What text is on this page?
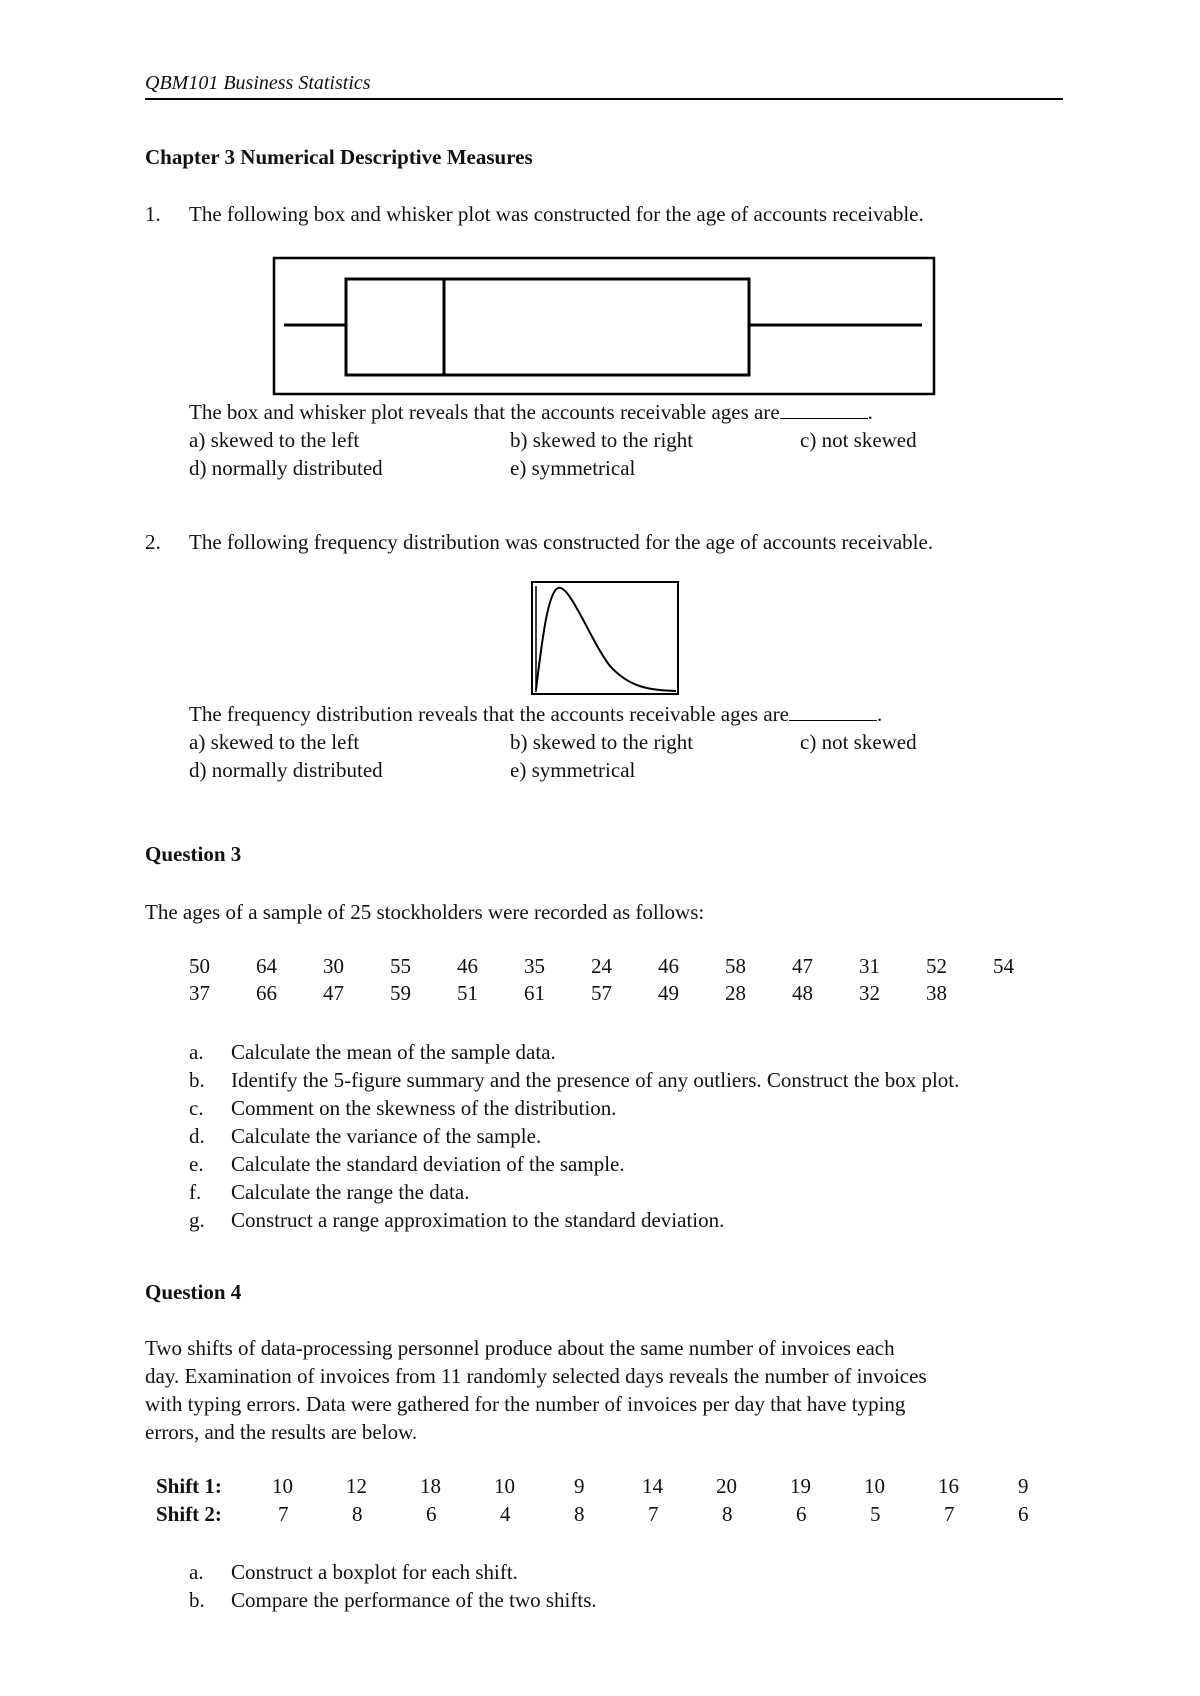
QBM101 Business Statistics
Chapter 3 Numerical Descriptive Measures
1. The following box and whisker plot was constructed for the age of accounts receivable.
The box and whisker plot reveals that the accounts receivable ages are	.
a) skewed to the left	b) skewed to the right	c) not skewed
d) normally distributed	e) symmetrical
2. The following frequency distribution was constructed for the age of accounts receivable.
The frequency distribution reveals that the accounts receivable ages are	.
a) skewed to the left	b) skewed to the right	c) not skewed
d) normally distributed	e) symmetrical
Question 3
The ages of a sample of 25 stockholders were recorded as follows:
50 64 30 55 46 35 24 46 58 47 31 52 54
37 66 47 59 51 61 57 49 28 48 32 38
a. Calculate the mean of the sample data.
b. Identify the 5-figure summary and the presence of any outliers. Construct the box plot.
c. Comment on the skewness of the distribution.
d. Calculate the variance of the sample.
e. Calculate the standard deviation of the sample.
f. Calculate the range the data.
g. Construct a range approximation to the standard deviation.
Question 4
Two shifts of data-processing personnel produce about the same number of invoices each
day. Examination of invoices from 11 randomly selected days reveals the number of invoices
with typing errors. Data were gathered for the number of invoices per day that have typing
errors, and the results are below.
Shift 1: 10	12	18	10	9	14	20	19	10	16	9
Shift 2:	7	8	6	4	8	7	8	6	5	7	6
a. Construct a boxplot for each shift.
b. Compare the performance of the two shifts.
